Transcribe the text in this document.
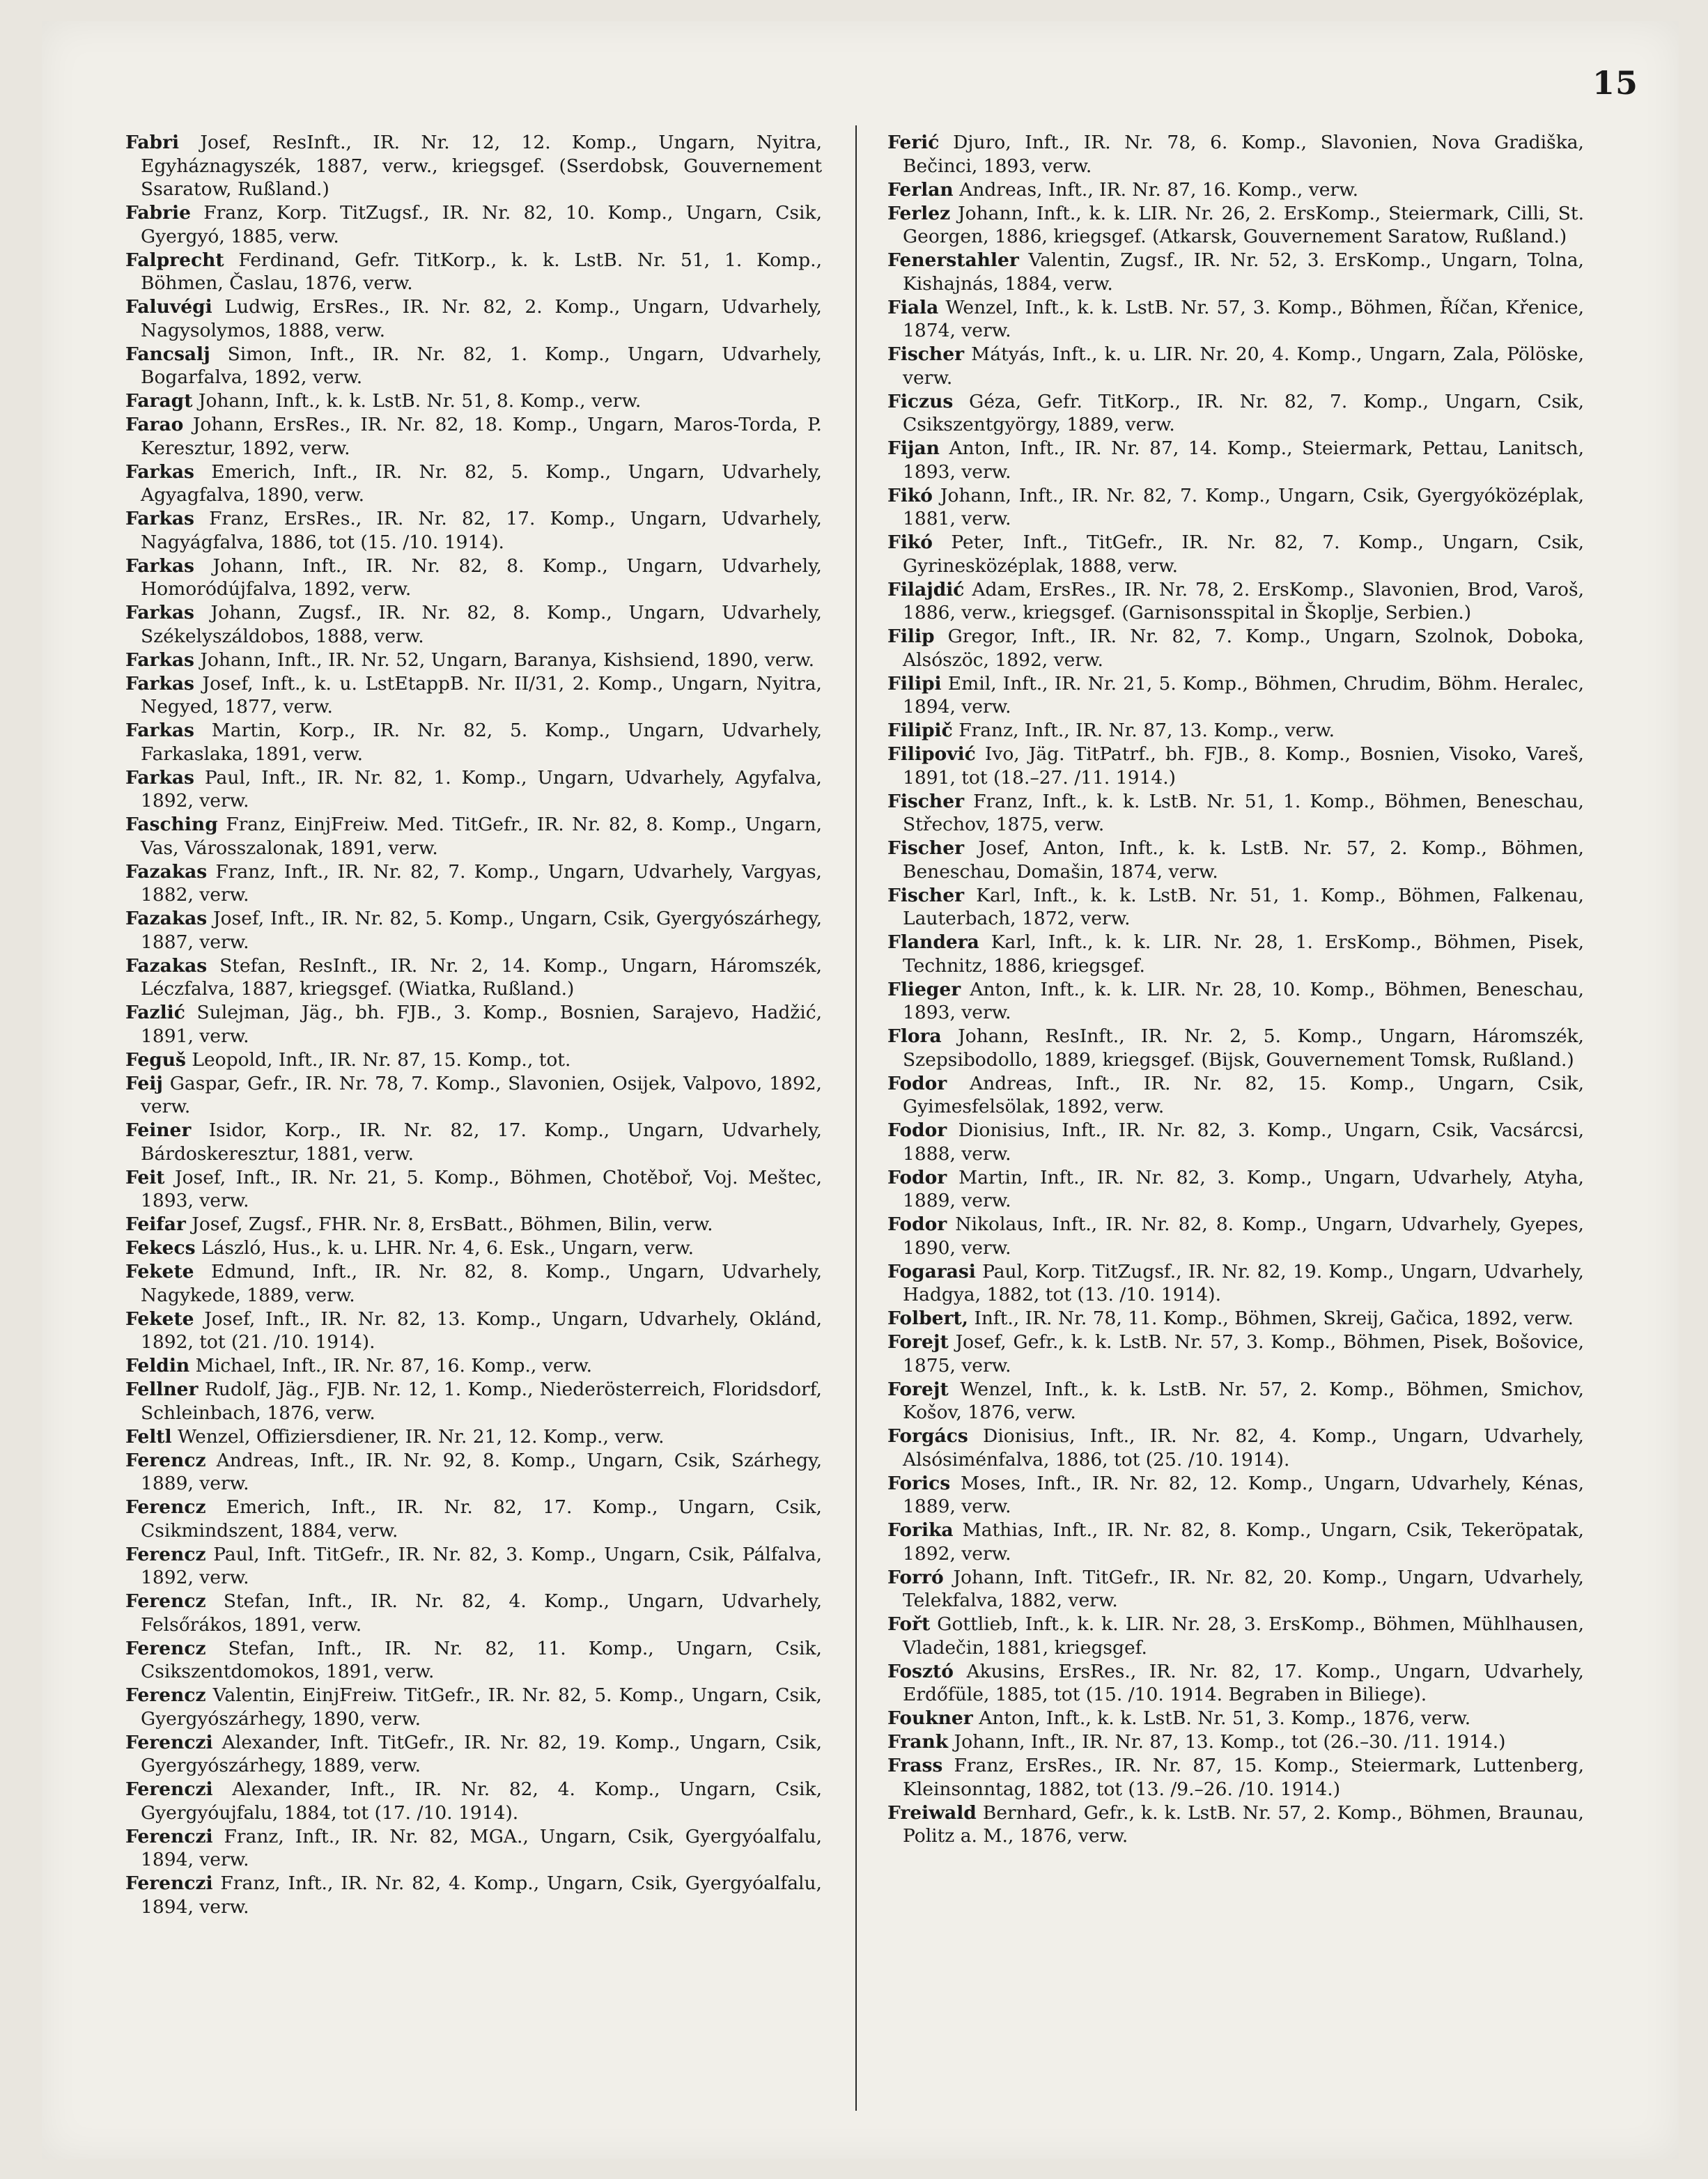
15

Fabri Josef, ResInft., IR. Nr. 12, 12. Komp., Ungarn, Nyitra, Egyháznagyszék, 1887, verw., kriegsgef. (Sserdobsk, Gouvernement Ssaratow, Rußland.)

Fabrie Franz, Korp. TitZugsf., IR. Nr. 82, 10. Komp., Ungarn, Csik, Gyergyó, 1885, verw.

Falprecht Ferdinand, Gefr. TitKorp., k. k. LstB. Nr. 51, 1. Komp., Böhmen, Časlau, 1876, verw.

Faluvégi Ludwig, ErsRes., IR. Nr. 82, 2. Komp., Ungarn, Udvarhely, Nagysolymos, 1888, verw.

Fancsalj Simon, Inft., IR. Nr. 82, 1. Komp., Ungarn, Udvarhely, Bogarfalva, 1892, verw.

Faragt Johann, Inft., k. k. LstB. Nr. 51, 8. Komp., verw.

Farao Johann, ErsRes., IR. Nr. 82, 18. Komp., Ungarn, Maros-Torda, P. Keresztur, 1892, verw.

Farkas Emerich, Inft., IR. Nr. 82, 5. Komp., Ungarn, Udvarhely, Agyagfalva, 1890, verw.

Farkas Franz, ErsRes., IR. Nr. 82, 17. Komp., Ungarn, Udvarhely, Nagyágfalva, 1886, tot (15. /10. 1914).

Farkas Johann, Inft., IR. Nr. 82, 8. Komp., Ungarn, Udvarhely, Homoródújfalva, 1892, verw.

Farkas Johann, Zugsf., IR. Nr. 82, 8. Komp., Ungarn, Udvarhely, Székelyszáldobos, 1888, verw.

Farkas Johann, Inft., IR. Nr. 52, Ungarn, Baranya, Kishsiend, 1890, verw.

Farkas Josef, Inft., k. u. LstEtappB. Nr. II/31, 2. Komp., Ungarn, Nyitra, Negyed, 1877, verw.

Farkas Martin, Korp., IR. Nr. 82, 5. Komp., Ungarn, Udvarhely, Farkaslaka, 1891, verw.

Farkas Paul, Inft., IR. Nr. 82, 1. Komp., Ungarn, Udvarhely, Agyfalva, 1892, verw.

Fasching Franz, EinjFreiw. Med. TitGefr., IR. Nr. 82, 8. Komp., Ungarn, Vas, Városszalonak, 1891, verw.

Fazakas Franz, Inft., IR. Nr. 82, 7. Komp., Ungarn, Udvarhely, Vargyas, 1882, verw.

Fazakas Josef, Inft., IR. Nr. 82, 5. Komp., Ungarn, Csik, Gyergyószárhegy, 1887, verw.

Fazakas Stefan, ResInft., IR. Nr. 2, 14. Komp., Ungarn, Háromszék, Léczfalva, 1887, kriegsgef. (Wiatka, Rußland.)

Fazlić Sulejman, Jäg., bh. FJB., 3. Komp., Bosnien, Sarajevo, Hadžić, 1891, verw.

Feguš Leopold, Inft., IR. Nr. 87, 15. Komp., tot.

Feij Gaspar, Gefr., IR. Nr. 78, 7. Komp., Slavonien, Osijek, Valpovo, 1892, verw.

Feiner Isidor, Korp., IR. Nr. 82, 17. Komp., Ungarn, Udvarhely, Bárdoskeresztur, 1881, verw.

Feit Josef, Inft., IR. Nr. 21, 5. Komp., Böhmen, Chotěboř, Voj. Meštec, 1893, verw.

Feifar Josef, Zugsf., FHR. Nr. 8, ErsBatt., Böhmen, Bilin, verw.

Fekecs László, Hus., k. u. LHR. Nr. 4, 6. Esk., Ungarn, verw.

Fekete Edmund, Inft., IR. Nr. 82, 8. Komp., Ungarn, Udvarhely, Nagykede, 1889, verw.

Fekete Josef, Inft., IR. Nr. 82, 13. Komp., Ungarn, Udvarhely, Oklánd, 1892, tot (21. /10. 1914).

Feldin Michael, Inft., IR. Nr. 87, 16. Komp., verw.

Fellner Rudolf, Jäg., FJB. Nr. 12, 1. Komp., Niederösterreich, Floridsdorf, Schleinbach, 1876, verw.

Feltl Wenzel, Offiziersdiener, IR. Nr. 21, 12. Komp., verw.

Ferencz Andreas, Inft., IR. Nr. 92, 8. Komp., Ungarn, Csik, Szárhegy, 1889, verw.

Ferencz Emerich, Inft., IR. Nr. 82, 17. Komp., Ungarn, Csik, Csikmindszent, 1884, verw.

Ferencz Paul, Inft. TitGefr., IR. Nr. 82, 3. Komp., Ungarn, Csik, Pálfalva, 1892, verw.

Ferencz Stefan, Inft., IR. Nr. 82, 4. Komp., Ungarn, Udvarhely, Felsőrákos, 1891, verw.

Ferencz Stefan, Inft., IR. Nr. 82, 11. Komp., Ungarn, Csik, Csikszentdomokos, 1891, verw.

Ferencz Valentin, EinjFreiw. TitGefr., IR. Nr. 82, 5. Komp., Ungarn, Csik, Gyergyószárhegy, 1890, verw.

Ferenczi Alexander, Inft. TitGefr., IR. Nr. 82, 19. Komp., Ungarn, Csik, Gyergyószárhegy, 1889, verw.

Ferenczi Alexander, Inft., IR. Nr. 82, 4. Komp., Ungarn, Csik, Gyergyóujfalu, 1884, tot (17. /10. 1914).

Ferenczi Franz, Inft., IR. Nr. 82, MGA., Ungarn, Csik, Gyergyóalfalu, 1894, verw.

Ferenczi Franz, Inft., IR. Nr. 82, 4. Komp., Ungarn, Csik, Gyergyóalfalu, 1894, verw.

Ferić Djuro, Inft., IR. Nr. 78, 6. Komp., Slavonien, Nova Gradiška, Bečinci, 1893, verw.

Ferlan Andreas, Inft., IR. Nr. 87, 16. Komp., verw.

Ferlez Johann, Inft., k. k. LIR. Nr. 26, 2. ErsKomp., Steiermark, Cilli, St. Georgen, 1886, kriegsgef. (Atkarsk, Gouvernement Saratow, Rußland.)

Fenerstahler Valentin, Zugsf., IR. Nr. 52, 3. ErsKomp., Ungarn, Tolna, Kishajnás, 1884, verw.

Fiala Wenzel, Inft., k. k. LstB. Nr. 57, 3. Komp., Böhmen, Říčan, Křenice, 1874, verw.

Fischer Mátyás, Inft., k. u. LIR. Nr. 20, 4. Komp., Ungarn, Zala, Pölöske, verw.

Ficzus Géza, Gefr. TitKorp., IR. Nr. 82, 7. Komp., Ungarn, Csik, Csikszentgyörgy, 1889, verw.

Fijan Anton, Inft., IR. Nr. 87, 14. Komp., Steiermark, Pettau, Lanitsch, 1893, verw.

Fikó Johann, Inft., IR. Nr. 82, 7. Komp., Ungarn, Csik, Gyergyóközéplak, 1881, verw.

Fikó Peter, Inft., TitGefr., IR. Nr. 82, 7. Komp., Ungarn, Csik, Gyrinesközéplak, 1888, verw.

Filajdić Adam, ErsRes., IR. Nr. 78, 2. ErsKomp., Slavonien, Brod, Varoš, 1886, verw., kriegsgef. (Garnisonsspital in Škoplje, Serbien.)

Filip Gregor, Inft., IR. Nr. 82, 7. Komp., Ungarn, Szolnok, Doboka, Alsószöc, 1892, verw.

Filipi Emil, Inft., IR. Nr. 21, 5. Komp., Böhmen, Chrudim, Böhm. Heralec, 1894, verw.

Filipič Franz, Inft., IR. Nr. 87, 13. Komp., verw.

Filipović Ivo, Jäg. TitPatrf., bh. FJB., 8. Komp., Bosnien, Visoko, Vareš, 1891, tot (18.–27. /11. 1914.)

Fischer Franz, Inft., k. k. LstB. Nr. 51, 1. Komp., Böhmen, Beneschau, Střechov, 1875, verw.

Fischer Josef, Anton, Inft., k. k. LstB. Nr. 57, 2. Komp., Böhmen, Beneschau, Domašin, 1874, verw.

Fischer Karl, Inft., k. k. LstB. Nr. 51, 1. Komp., Böhmen, Falkenau, Lauterbach, 1872, verw.

Flandera Karl, Inft., k. k. LIR. Nr. 28, 1. ErsKomp., Böhmen, Pisek, Technitz, 1886, kriegsgef.

Flieger Anton, Inft., k. k. LIR. Nr. 28, 10. Komp., Böhmen, Beneschau, 1893, verw.

Flora Johann, ResInft., IR. Nr. 2, 5. Komp., Ungarn, Háromszék, Szepsibodollo, 1889, kriegsgef. (Bijsk, Gouvernement Tomsk, Rußland.)

Fodor Andreas, Inft., IR. Nr. 82, 15. Komp., Ungarn, Csik, Gyimesfelsölak, 1892, verw.

Fodor Dionisius, Inft., IR. Nr. 82, 3. Komp., Ungarn, Csik, Vacsárcsi, 1888, verw.

Fodor Martin, Inft., IR. Nr. 82, 3. Komp., Ungarn, Udvarhely, Atyha, 1889, verw.

Fodor Nikolaus, Inft., IR. Nr. 82, 8. Komp., Ungarn, Udvarhely, Gyepes, 1890, verw.

Fogarasi Paul, Korp. TitZugsf., IR. Nr. 82, 19. Komp., Ungarn, Udvarhely, Hadgya, 1882, tot (13. /10. 1914).

Folbert, Inft., IR. Nr. 78, 11. Komp., Böhmen, Skreij, Gačica, 1892, verw.

Forejt Josef, Gefr., k. k. LstB. Nr. 57, 3. Komp., Böhmen, Pisek, Bošovice, 1875, verw.

Forejt Wenzel, Inft., k. k. LstB. Nr. 57, 2. Komp., Böhmen, Smichov, Košov, 1876, verw.

Forgács Dionisius, Inft., IR. Nr. 82, 4. Komp., Ungarn, Udvarhely, Alsósiménfalva, 1886, tot (25. /10. 1914).

Forics Moses, Inft., IR. Nr. 82, 12. Komp., Ungarn, Udvarhely, Kénas, 1889, verw.

Forika Mathias, Inft., IR. Nr. 82, 8. Komp., Ungarn, Csik, Tekeröpatak, 1892, verw.

Forró Johann, Inft. TitGefr., IR. Nr. 82, 20. Komp., Ungarn, Udvarhely, Telekfalva, 1882, verw.

Fořt Gottlieb, Inft., k. k. LIR. Nr. 28, 3. ErsKomp., Böhmen, Mühlhausen, Vladečin, 1881, kriegsgef.

Fosztó Akusins, ErsRes., IR. Nr. 82, 17. Komp., Ungarn, Udvarhely, Erdőfüle, 1885, tot (15. /10. 1914. Begraben in Biliege).

Foukner Anton, Inft., k. k. LstB. Nr. 51, 3. Komp., 1876, verw.

Frank Johann, Inft., IR. Nr. 87, 13. Komp., tot (26.–30. /11. 1914.)

Frass Franz, ErsRes., IR. Nr. 87, 15. Komp., Steiermark, Luttenberg, Kleinsonntag, 1882, tot (13. /9.–26. /10. 1914.)

Freiwald Bernhard, Gefr., k. k. LstB. Nr. 57, 2. Komp., Böhmen, Braunau, Politz a. M., 1876, verw.
